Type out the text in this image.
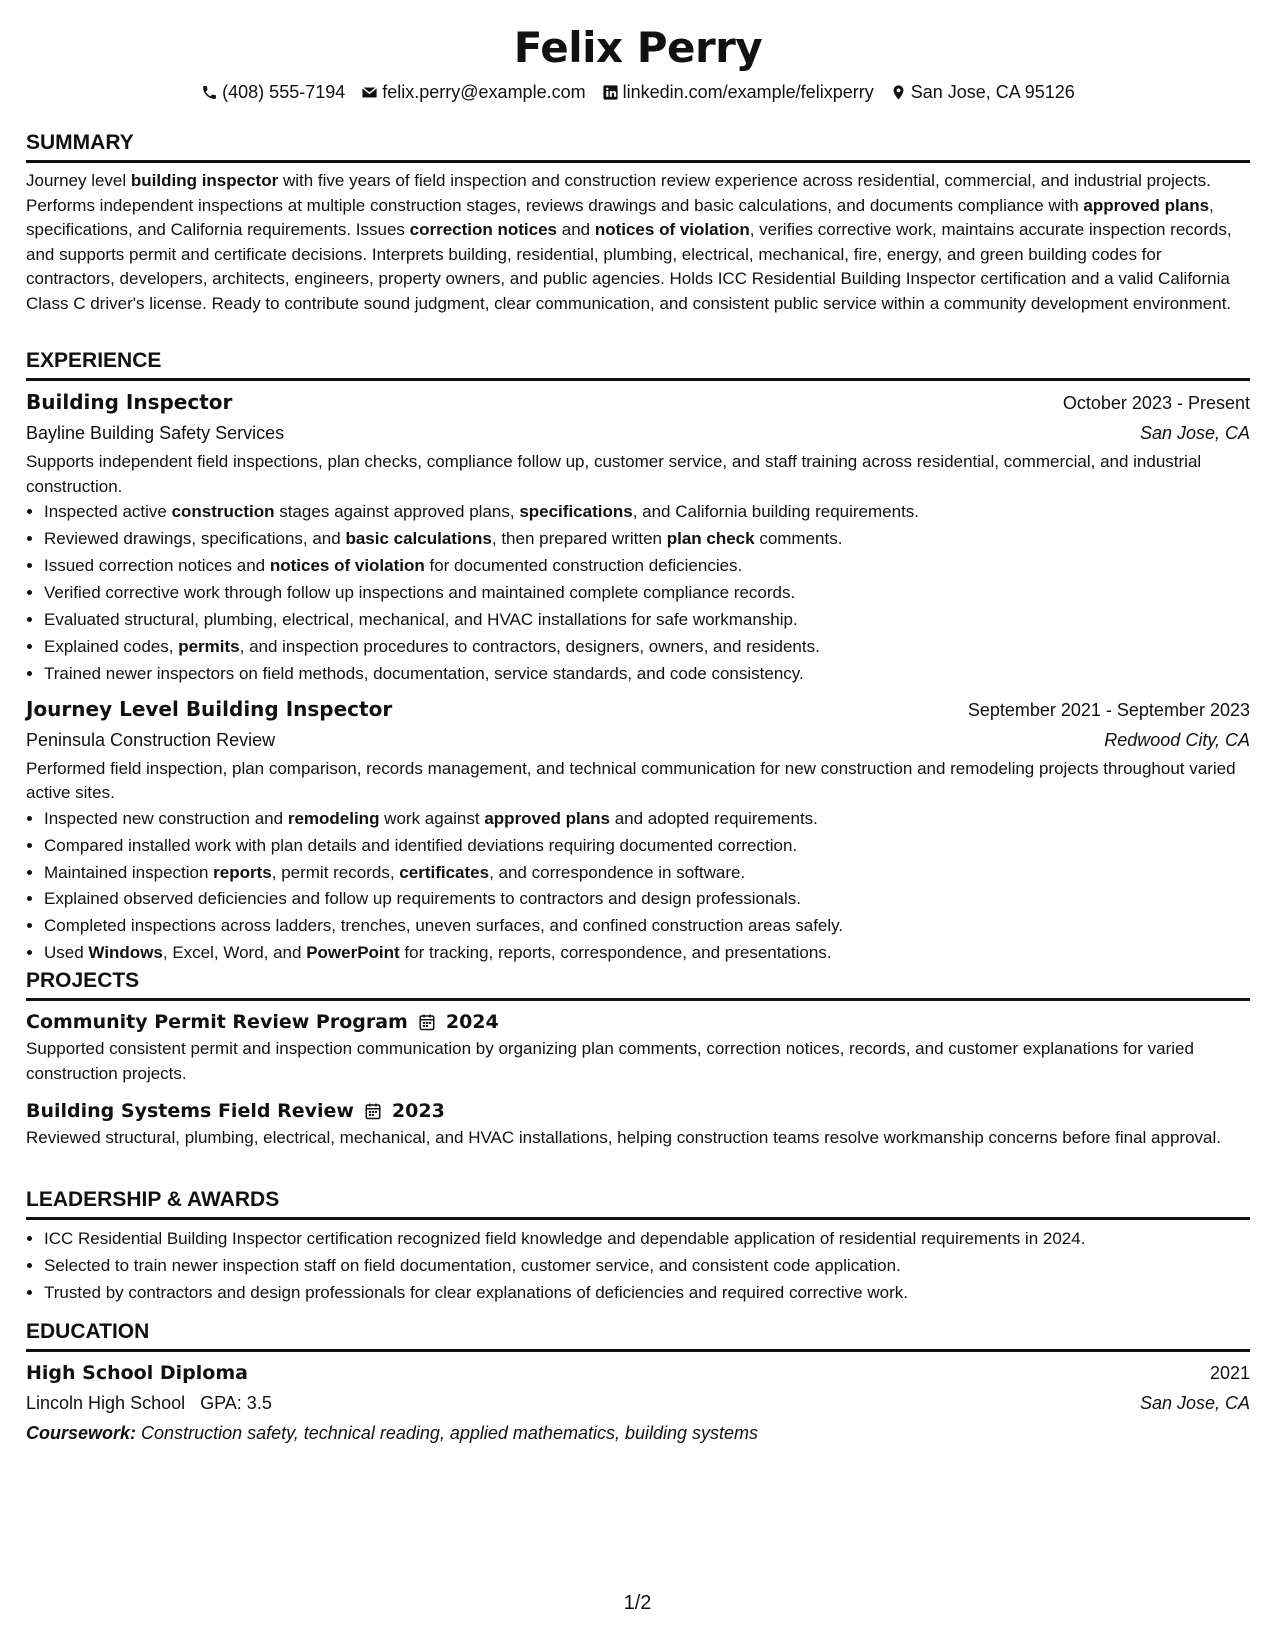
Felix Perry
(408) 555-7194 felix.perry@example.com linkedin.com/example/felixperry San Jose, CA 95126
SUMMARY
Journey level building inspector with five years of field inspection and construction review experience across residential, commercial, and industrial projects. Performs independent inspections at multiple construction stages, reviews drawings and basic calculations, and documents compliance with approved plans, specifications, and California requirements. Issues correction notices and notices of violation, verifies corrective work, maintains accurate inspection records, and supports permit and certificate decisions. Interprets building, residential, plumbing, electrical, mechanical, fire, energy, and green building codes for contractors, developers, architects, engineers, property owners, and public agencies. Holds ICC Residential Building Inspector certification and a valid California Class C driver's license. Ready to contribute sound judgment, clear communication, and consistent public service within a community development environment.
EXPERIENCE
Building Inspector	October 2023 - Present
Bayline Building Safety Services	San Jose, CA
Supports independent field inspections, plan checks, compliance follow up, customer service, and staff training across residential, commercial, and industrial construction.
• Inspected active construction stages against approved plans, specifications, and California building requirements.
• Reviewed drawings, specifications, and basic calculations, then prepared written plan check comments.
• Issued correction notices and notices of violation for documented construction deficiencies.
• Verified corrective work through follow up inspections and maintained complete compliance records.
• Evaluated structural, plumbing, electrical, mechanical, and HVAC installations for safe workmanship.
• Explained codes, permits, and inspection procedures to contractors, designers, owners, and residents.
• Trained newer inspectors on field methods, documentation, service standards, and code consistency.
Journey Level Building Inspector	September 2021 - September 2023
Peninsula Construction Review	Redwood City, CA
Performed field inspection, plan comparison, records management, and technical communication for new construction and remodeling projects throughout varied active sites.
• Inspected new construction and remodeling work against approved plans and adopted requirements.
• Compared installed work with plan details and identified deviations requiring documented correction.
• Maintained inspection reports, permit records, certificates, and correspondence in software.
• Explained observed deficiencies and follow up requirements to contractors and design professionals.
• Completed inspections across ladders, trenches, uneven surfaces, and confined construction areas safely.
• Used Windows, Excel, Word, and PowerPoint for tracking, reports, correspondence, and presentations.
PROJECTS
Community Permit Review Program 2024
Supported consistent permit and inspection communication by organizing plan comments, correction notices, records, and customer explanations for varied construction projects.
Building Systems Field Review 2023
Reviewed structural, plumbing, electrical, mechanical, and HVAC installations, helping construction teams resolve workmanship concerns before final approval.
LEADERSHIP & AWARDS
• ICC Residential Building Inspector certification recognized field knowledge and dependable application of residential requirements in 2024.
• Selected to train newer inspection staff on field documentation, customer service, and consistent code application.
• Trusted by contractors and design professionals for clear explanations of deficiencies and required corrective work.
EDUCATION
High School Diploma	2021
Lincoln High School GPA: 3.5	San Jose, CA
Coursework: Construction safety, technical reading, applied mathematics, building systems
1/2
